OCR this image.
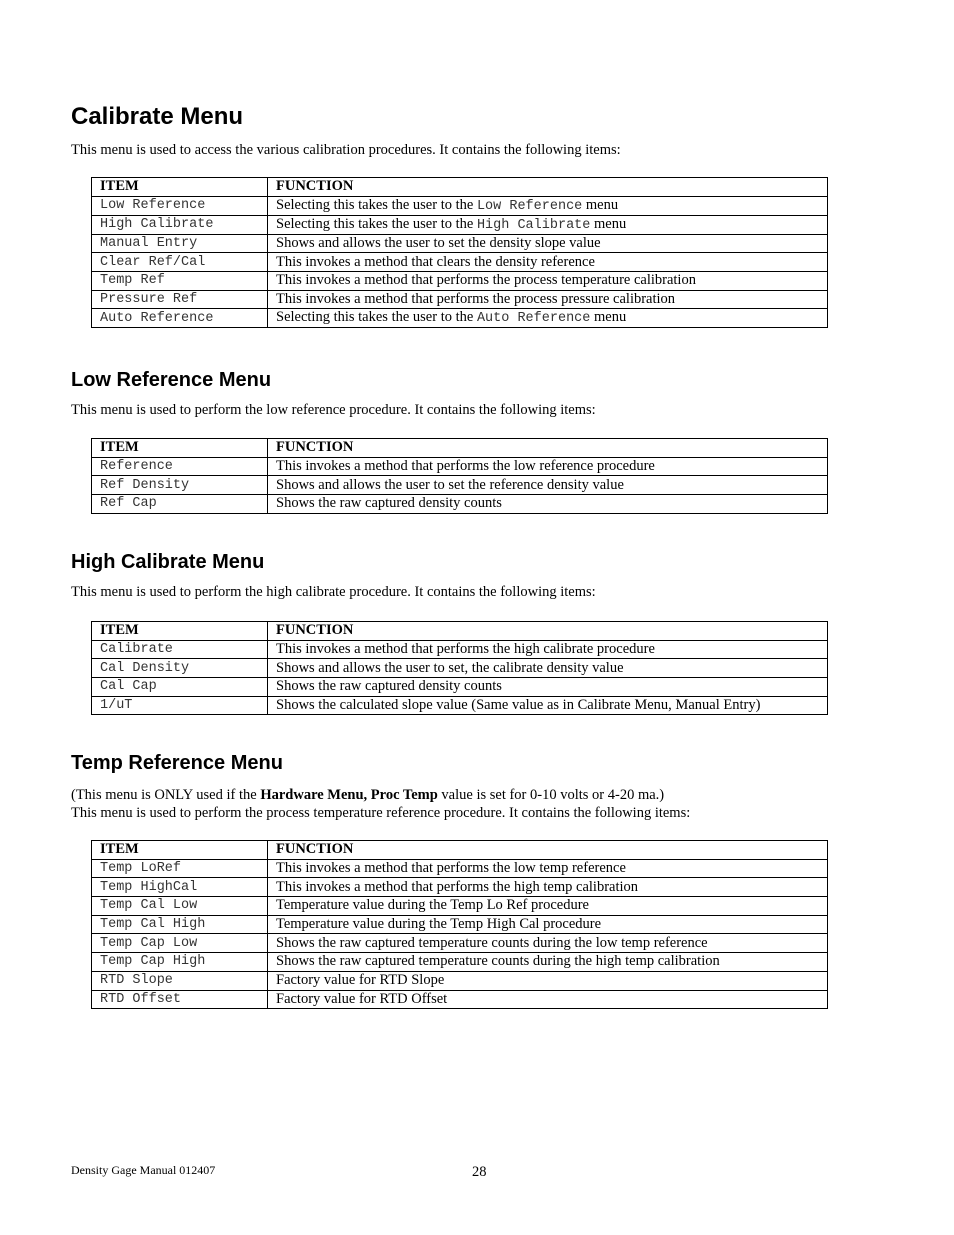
Calibrate Menu

This menu is used to access the various calibration procedures. It contains the following items:

ITEM	FUNCTION
Low Reference	Selecting this takes the user to the Low Reference menu
High Calibrate	Selecting this takes the user to the High Calibrate menu
Manual Entry	Shows and allows the user to set the density slope value
Clear Ref/Cal	This invokes a method that clears the density reference
Temp Ref	This invokes a method that performs the process temperature calibration
Pressure Ref	This invokes a method that performs the process pressure calibration
Auto Reference	Selecting this takes the user to the Auto Reference menu
Low Reference Menu

This menu is used to perform the low reference procedure. It contains the following items:

ITEM	FUNCTION
Reference	This invokes a method that performs the low reference procedure
Ref Density	Shows and allows the user to set the reference density value
Ref Cap	Shows the raw captured density counts
High Calibrate Menu

This menu is used to perform the high calibrate procedure. It contains the following items:

ITEM	FUNCTION
Calibrate	This invokes a method that performs the high calibrate procedure
Cal Density	Shows and allows the user to set, the calibrate density value
Cal Cap	Shows the raw captured density counts
1/uT	Shows the calculated slope value (Same value as in Calibrate Menu, Manual Entry)
Temp Reference Menu

(This menu is ONLY used if the Hardware Menu, Proc Temp value is set for 0-10 volts or 4-20 ma.)

This menu is used to perform the process temperature reference procedure. It contains the following items:

ITEM	FUNCTION
Temp LoRef	This invokes a method that performs the low temp reference
Temp HighCal	This invokes a method that performs the high temp calibration
Temp Cal Low	Temperature value during the Temp Lo Ref procedure
Temp Cal High	Temperature value during the Temp High Cal procedure
Temp Cap Low	Shows the raw captured temperature counts during the low temp reference
Temp Cap High	Shows the raw captured temperature counts during the high temp calibration
RTD Slope	Factory value for RTD Slope
RTD Offset	Factory value for RTD Offset
Density Gage Manual 012407	28
